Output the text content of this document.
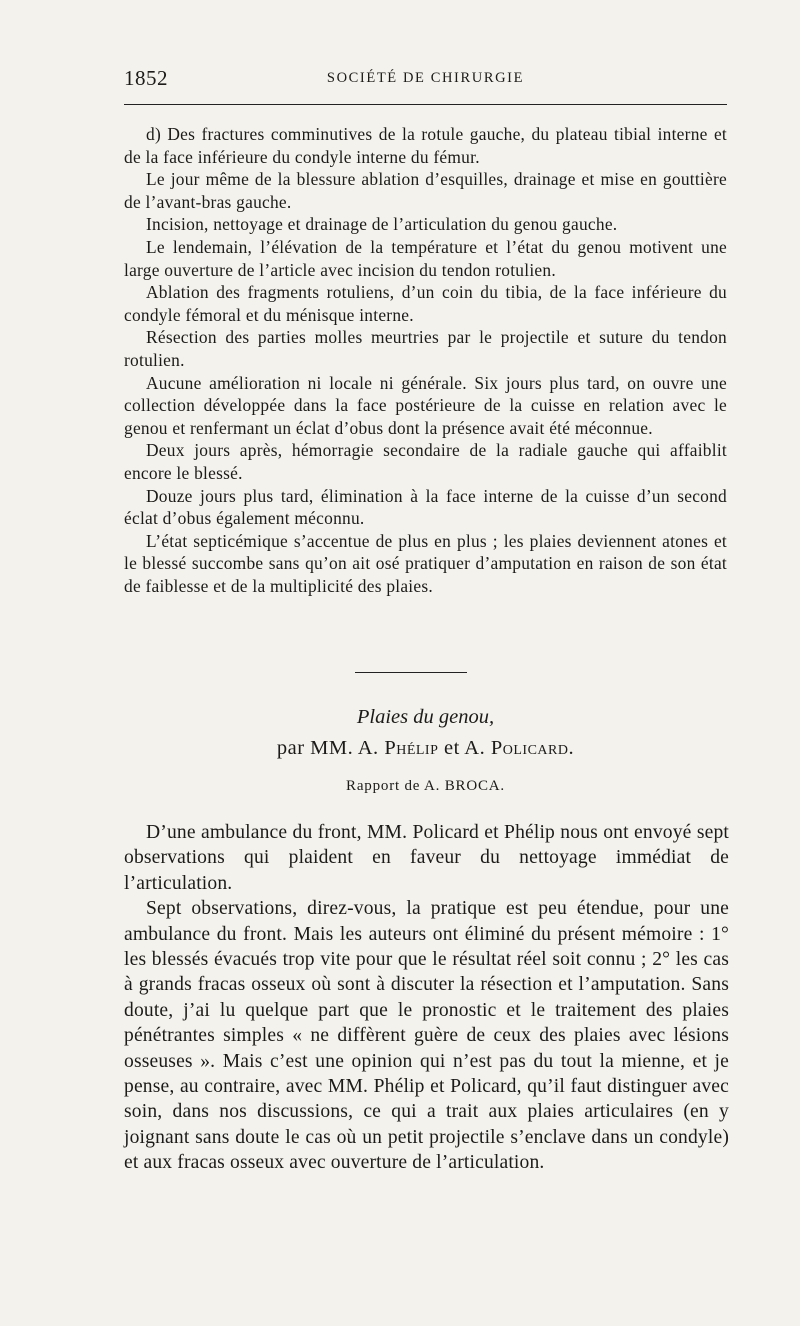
1852	SOCIÉTÉ DE CHIRURGIE

d) Des fractures comminutives de la rotule gauche, du plateau tibial interne et de la face inférieure du condyle interne du fémur.

Le jour même de la blessure ablation d’esquilles, drainage et mise en gouttière de l’avant-bras gauche.

Incision, nettoyage et drainage de l’articulation du genou gauche.

Le lendemain, l’élévation de la température et l’état du genou motivent une large ouverture de l’article avec incision du tendon rotulien.

Ablation des fragments rotuliens, d’un coin du tibia, de la face inférieure du condyle fémoral et du ménisque interne.

Résection des parties molles meurtries par le projectile et suture du tendon rotulien.

Aucune amélioration ni locale ni générale. Six jours plus tard, on ouvre une collection développée dans la face postérieure de la cuisse en relation avec le genou et renfermant un éclat d’obus dont la présence avait été méconnue.

Deux jours après, hémorragie secondaire de la radiale gauche qui affaiblit encore le blessé.

Douze jours plus tard, élimination à la face interne de la cuisse d’un second éclat d’obus également méconnu.

L’état septicémique s’accentue de plus en plus ; les plaies deviennent atones et le blessé succombe sans qu’on ait osé pratiquer d’amputation en raison de son état de faiblesse et de la multiplicité des plaies.

Plaies du genou,
par MM. A. Phélip et A. Policard.
Rapport de A. BROCA.

D’une ambulance du front, MM. Policard et Phélip nous ont envoyé sept observations qui plaident en faveur du nettoyage immédiat de l’articulation.

Sept observations, direz-vous, la pratique est peu étendue, pour une ambulance du front. Mais les auteurs ont éliminé du présent mémoire : 1° les blessés évacués trop vite pour que le résultat réel soit connu ; 2° les cas à grands fracas osseux où sont à discuter la résection et l’amputation. Sans doute, j’ai lu quelque part que le pronostic et le traitement des plaies pénétrantes simples « ne diffèrent guère de ceux des plaies avec lésions osseuses ». Mais c’est une opinion qui n’est pas du tout la mienne, et je pense, au contraire, avec MM. Phélip et Policard, qu’il faut distinguer avec soin, dans nos discussions, ce qui a trait aux plaies articulaires (en y joignant sans doute le cas où un petit projectile s’enclave dans un condyle) et aux fracas osseux avec ouverture de l’articulation.
